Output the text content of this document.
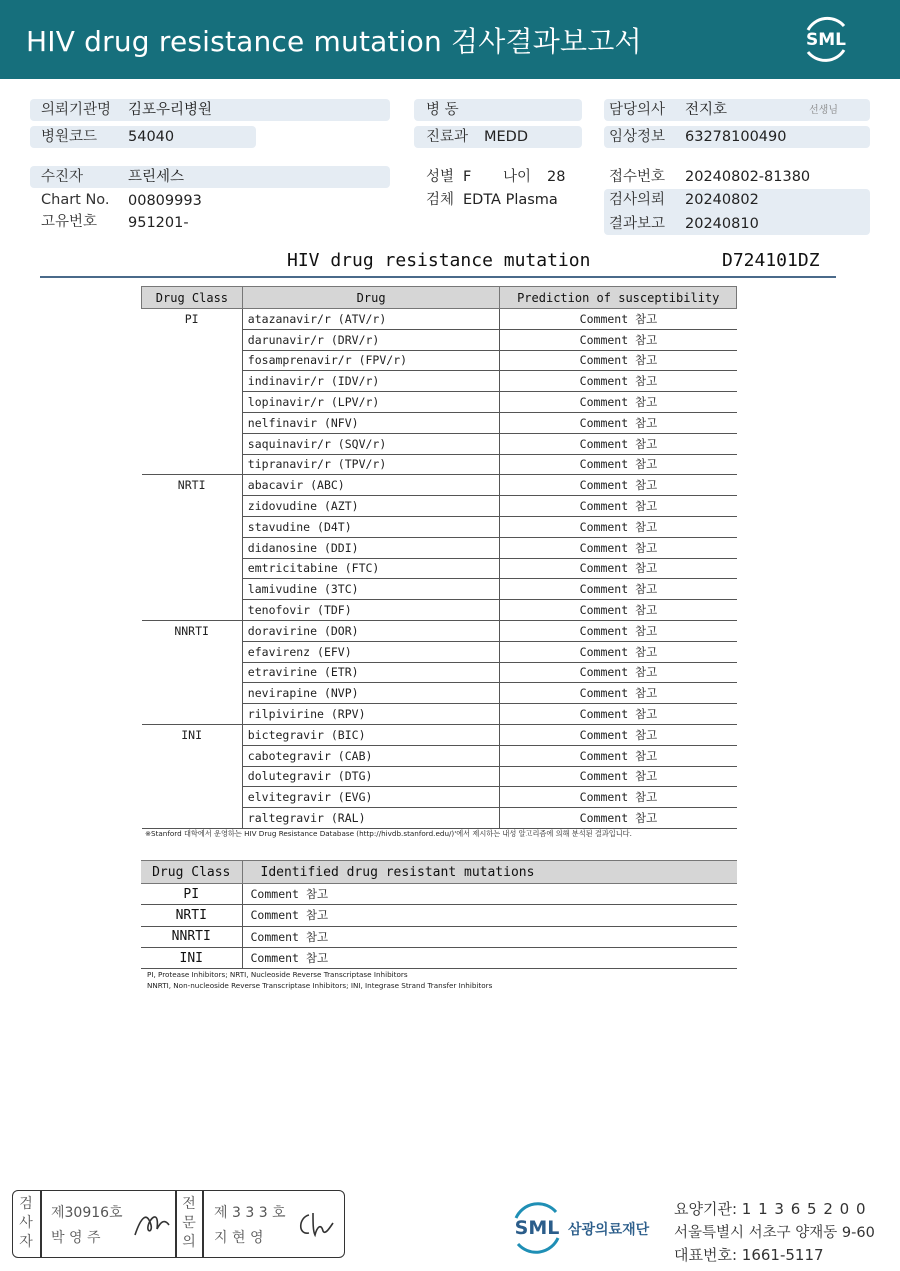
HIV drug resistance mutation 검사결과보고서	SML
의뢰기관명 김포우리병원	병 동	담당의사 전지호	선생님
병원코드 54040	진료과 MEDD	임상정보 63278100490
수진자	프린세스	성별 F 나이 28	접수번호 20240802-81380
Chart No. 00809993	검체 EDTA Plasma	검사의뢰 20240802
고유번호 951201-	결과보고 20240810
HIV drug resistance mutation	D724101DZ
Drug Class	Drug	Prediction of susceptibility
PI	atazanavir/r (ATV/r)	Comment 참고
	darunavir/r (DRV/r)	Comment 참고
	fosamprenavir/r (FPV/r)	Comment 참고
	indinavir/r (IDV/r)	Comment 참고
	lopinavir/r (LPV/r)	Comment 참고
	nelfinavir (NFV)	Comment 참고
	saquinavir/r (SQV/r)	Comment 참고
	tipranavir/r (TPV/r)	Comment 참고
NRTI	abacavir (ABC)	Comment 참고
	zidovudine (AZT)	Comment 참고
	stavudine (D4T)	Comment 참고
	didanosine (DDI)	Comment 참고
	emtricitabine (FTC)	Comment 참고
	lamivudine (3TC)	Comment 참고
	tenofovir (TDF)	Comment 참고
NNRTI	doravirine (DOR)	Comment 참고
	efavirenz (EFV)	Comment 참고
	etravirine (ETR)	Comment 참고
	nevirapine (NVP)	Comment 참고
	rilpivirine (RPV)	Comment 참고
INI	bictegravir (BIC)	Comment 참고
	cabotegravir (CAB)	Comment 참고
	dolutegravir (DTG)	Comment 참고
	elvitegravir (EVG)	Comment 참고
	raltegravir (RAL)	Comment 참고
※Stanford 대학에서 운영하는 HIV Drug Resistance Database (http://hivdb.stanford.edu/)'에서 제시하는 내성 알고리즘에 의해 분석된 결과입니다.
Drug Class	Identified drug resistant mutations
PI	Comment 참고
NRTI	Comment 참고
NNRTI	Comment 참고
INI	Comment 참고
PI, Protease Inhibitors; NRTI, Nucleoside Reverse Transcriptase Inhibitors
NNRTI, Non-nucleoside Reverse Transcriptase Inhibitors; INI, Integrase Strand Transfer Inhibitors
검
사
자
제30916호
박 영 주
전
문
의
제 3 3 3 호
지 현 영	SML 삼광의료재단
요양기관: 1 1 3 6 5 2 0 0
서울특별시 서초구 양재동 9-60
대표번호: 1661-5117
